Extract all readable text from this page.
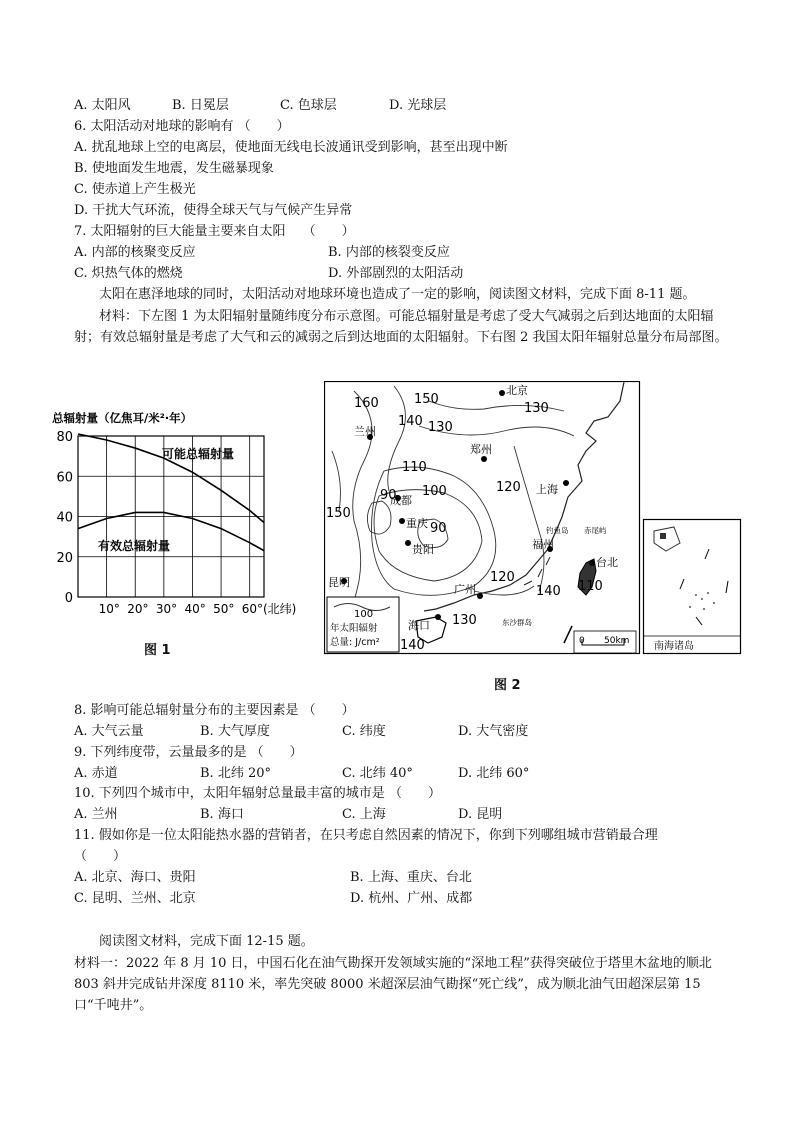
A. 太阳风	B. 日冕层	C. 色球层	D. 光球层
6. 太阳活动对地球的影响有 （　　）
A. 扰乱地球上空的电离层，使地面无线电长波通讯受到影响，甚至出现中断
B. 使地面发生地震，发生磁暴现象
C. 使赤道上产生极光
D. 干扰大气环流，使得全球天气与气候产生异常
7. 太阳辐射的巨大能量主要来自太阳　 （　　）
A. 内部的核聚变反应	B. 内部的核裂变反应
C. 炽热气体的燃烧	D. 外部剧烈的太阳活动
太阳在惠泽地球的同时，太阳活动对地球环境也造成了一定的影响，阅读图文材料，完成下面 8-11 题。
材料：下左图 1 为太阳辐射量随纬度分布示意图。可能总辐射量是考虑了受大气减弱之后到达地面的太阳辐射；有效总辐射量是考虑了大气和云的减弱之后到达地面的太阳辐射。下右图 2 我国太阳年辐射总量分布局部图。
总辐射量（亿焦耳/米²·年）
80
60
40
20
0
10° 20° 30° 40° 50° 60°(北纬)
可能总辐射量
有效总辐射量
图 1
100
年太阳辐射
总量: J/cm²	0 50km 南海诸岛
北京
兰州
郑州
成都
重庆
贵阳
上海
福州
台北
广州
昆明
海口
160	150
140 130
130
110
100
90
90
120
150
140
120
110
130
140
钓鱼岛 赤尾屿
东沙群岛
图 2
8. 影响可能总辐射量分布的主要因素是 （　　）
A. 大气云量	B. 大气厚度	C. 纬度	D. 大气密度
9. 下列纬度带，云量最多的是 （　　）
A. 赤道	B. 北纬 20°	C. 北纬 40°	D. 北纬 60°
10. 下列四个城市中，太阳年辐射总量最丰富的城市是 （　　）
A. 兰州	B. 海口	C. 上海	D. 昆明
11. 假如你是一位太阳能热水器的营销者，在只考虑自然因素的情况下，你到下列哪组城市营销最合理
（　　）
A. 北京、海口、贵阳	B. 上海、重庆、台北
C. 昆明、兰州、北京	D. 杭州、广州、成都
阅读图文材料，完成下面 12-15 题。
材料一：2022 年 8 月 10 日，中国石化在油气勘探开发领域实施的“深地工程”获得突破位于塔里木盆地的顺北 803 斜井完成钻井深度 8110 米，率先突破 8000 米超深层油气勘探“死亡线”，成为顺北油气田超深层第 15 口“千吨井”。
